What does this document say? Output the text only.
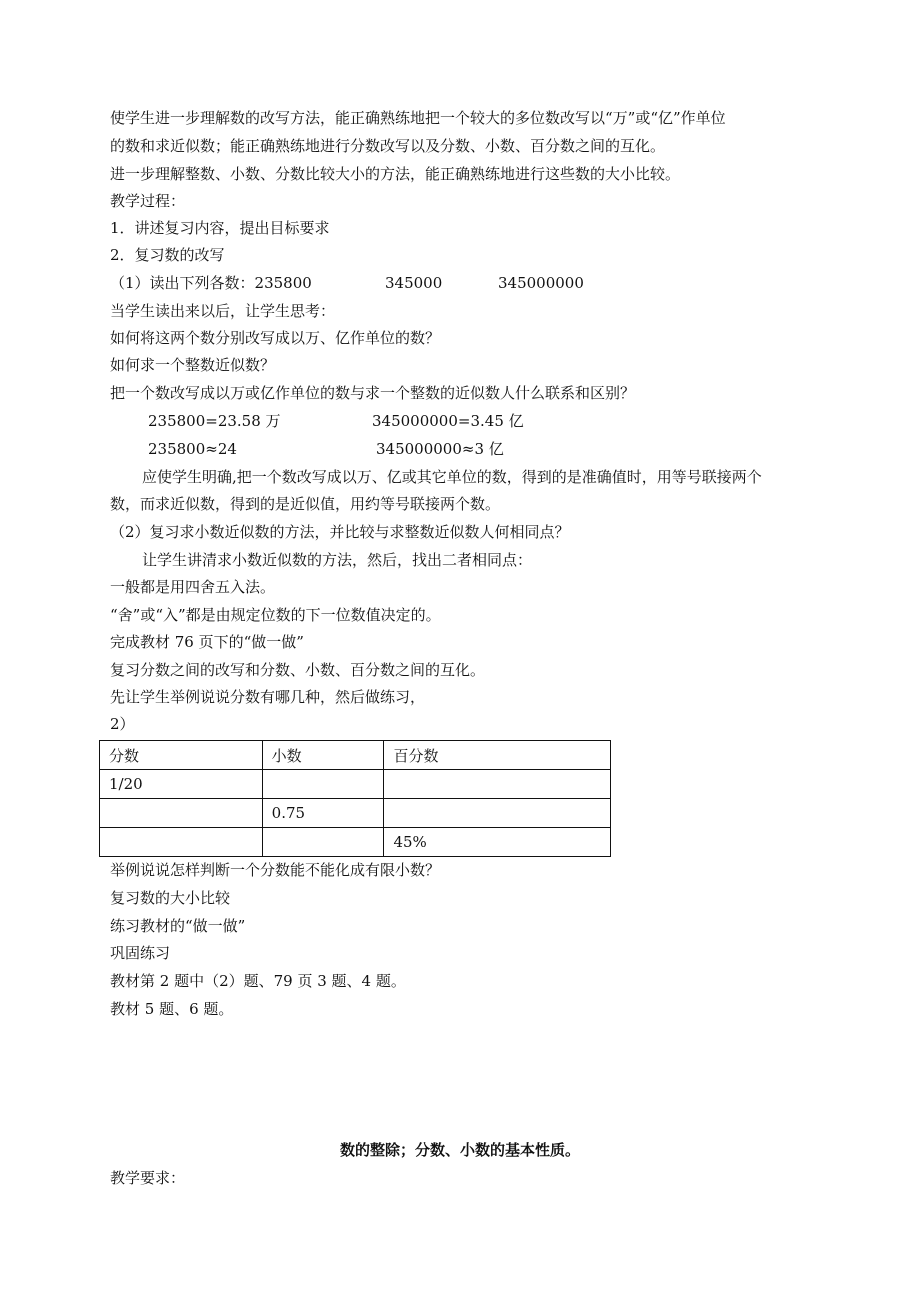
使学生进一步理解数的改写方法，能正确熟练地把一个较大的多位数改写以“万”或“亿”作单位
的数和求近似数；能正确熟练地进行分数改写以及分数、小数、百分数之间的互化。
进一步理解整数、小数、分数比较大小的方法，能正确熟练地进行这些数的大小比较。
教学过程：
1．讲述复习内容，提出目标要求
2．复习数的改写
（1）读出下列各数：235800	345000	345000000
当学生读出来以后，让学生思考：
如何将这两个数分别改写成以万、亿作单位的数？
如何求一个整数近似数？
把一个数改写成以万或亿作单位的数与求一个整数的近似数人什么联系和区别？
235800=23.58 万	345000000=3.45 亿
235800≈24	345000000≈3 亿
应使学生明确,把一个数改写成以万、亿或其它单位的数，得到的是准确值时，用等号联接两个
数，而求近似数，得到的是近似值，用约等号联接两个数。
（2）复习求小数近似数的方法，并比较与求整数近似数人何相同点？
让学生讲清求小数近似数的方法，然后，找出二者相同点：
一般都是用四舍五入法。
“舍”或“入”都是由规定位数的下一位数值决定的。
完成教材 76 页下的“做一做”
复习分数之间的改写和分数、小数、百分数之间的互化。
先让学生举例说说分数有哪几种，然后做练习，
2）
分数	小数	百分数
1/20		
	0.75	
		45%
举例说说怎样判断一个分数能不能化成有限小数？
复习数的大小比较
练习教材的“做一做”
巩固练习
教材第 2 题中（2）题、79 页 3 题、4 题。
教材 5 题、6 题。
数的整除；分数、小数的基本性质。
教学要求：
